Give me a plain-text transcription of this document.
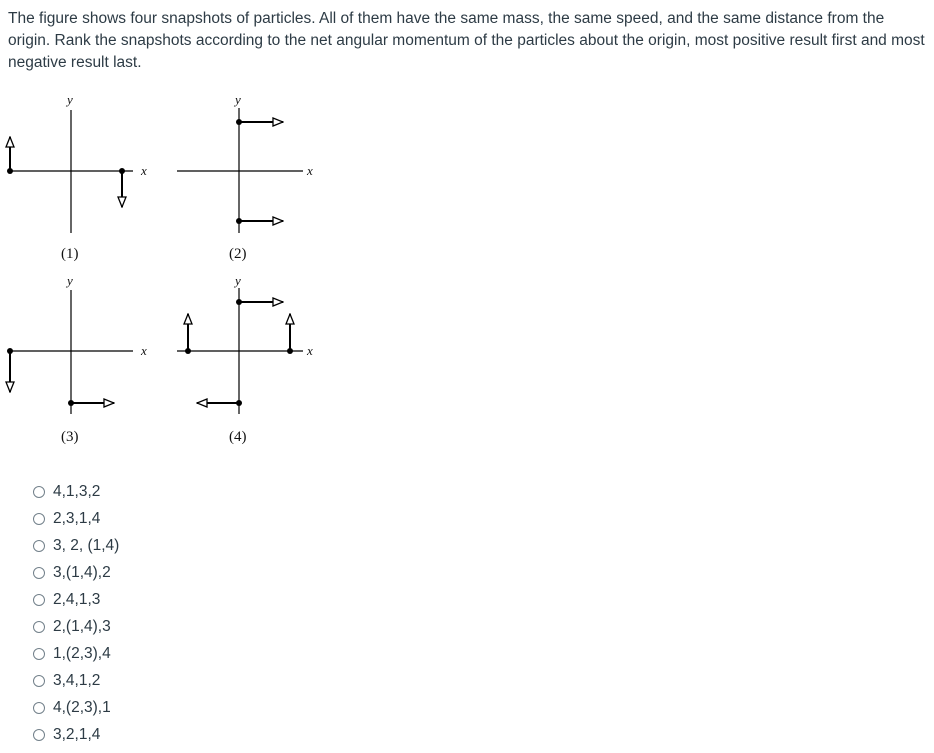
The figure shows four snapshots of particles. All of them have the same mass, the same speed, and the same distance from the origin. Rank the snapshots according to the net angular momentum of the particles about the origin, most positive result first and most negative result last.
x
y
(1)
x
y
(2)
x
y
(3)
x
y
(4)
4,1,3,2
2,3,1,4
3, 2, (1,4)
3,(1,4),2
2,4,1,3
2,(1,4),3
1,(2,3),4
3,4,1,2
4,(2,3),1
3,2,1,4
